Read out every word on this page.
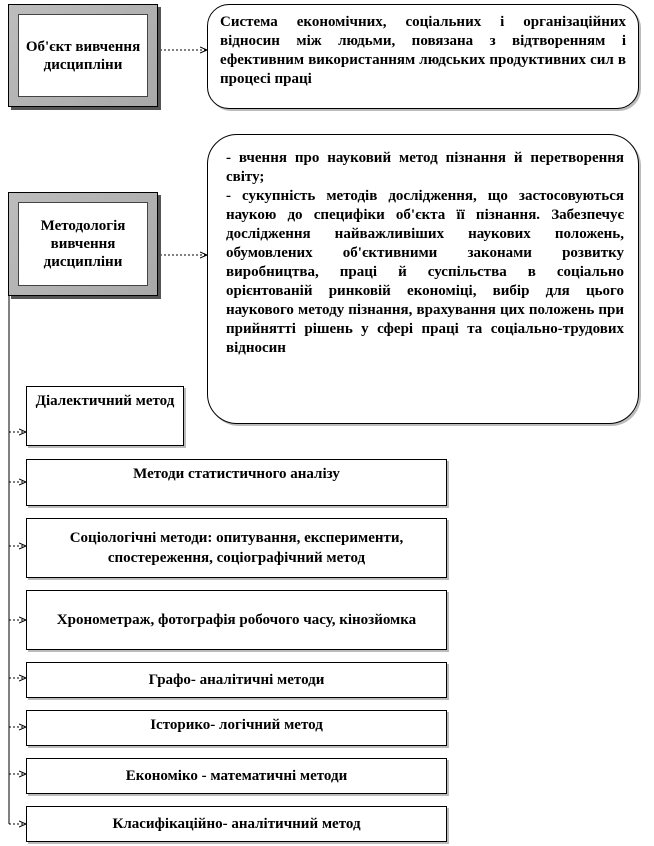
Об'єкт вивчення дисципліни

Система економічних, соціальних і організаційних відносин між людьми, повязана з відтворенням і ефективним використанням людських продуктивних сил в процесі праці

Методологія вивчення дисципліни

- вчення про науковий метод пізнання й перетворення світу;

- сукупність методів дослідження, що застосовуються наукою до специфіки об'єкта її пізнання. Забезпечує дослідження найважливіших наукових положень, обумовлених об'єктивними законами розвитку виробництва, праці й суспільства в соціально орієнтованій ринковій економіці, вибір для цього наукового методу пізнання, врахування цих положень при прийнятті рішень у сфері праці та соціально-трудових відносин

Діалектичний метод
Методи статистичного аналізу
Соціологічні методи: опитування, експерименти, спостереження, соціографічний метод
Хронометраж, фотографія робочого часу, кінозйомка
Графо- аналітичні методи
Історико- логічний метод
Економіко - математичні методи
Класифікаційно- аналітичний метод
